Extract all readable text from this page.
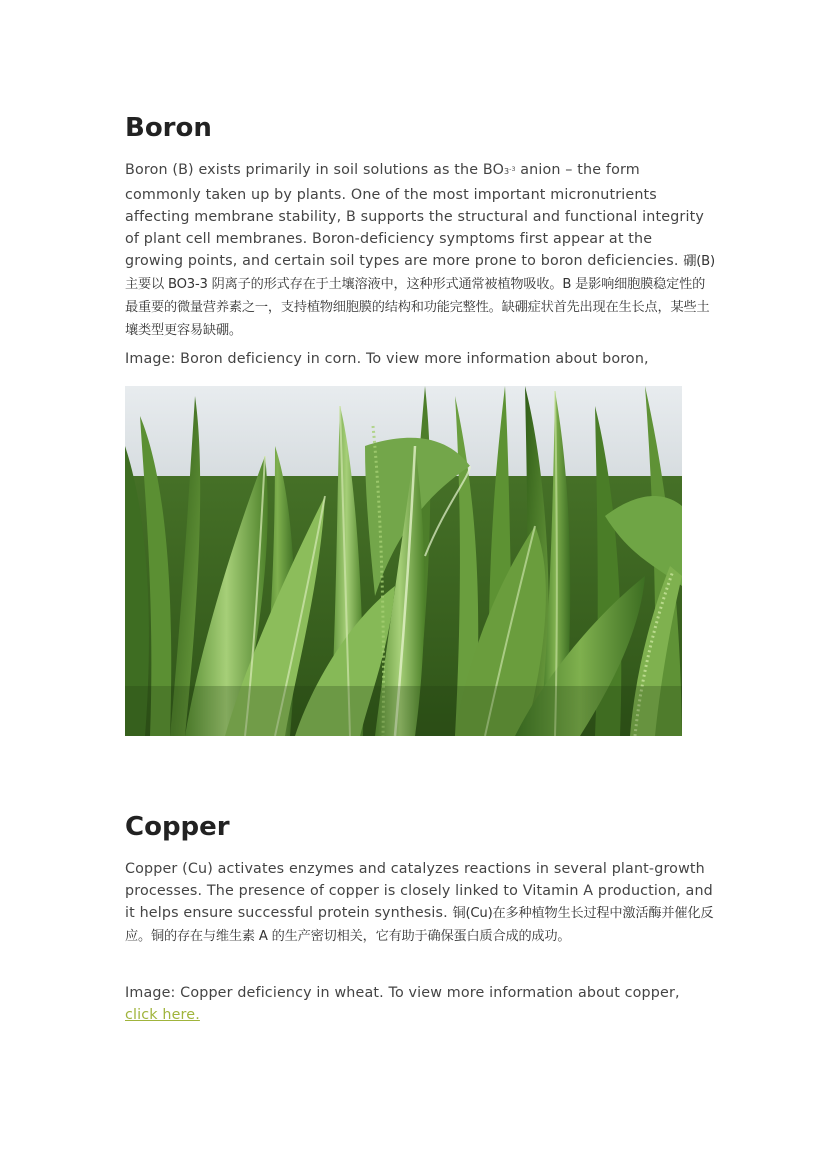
Boron

Boron (B) exists primarily in soil solutions as the $BO3^{-3}$ anion – the form commonly taken up by plants. One of the most important micronutrients affecting membrane stability, B supports the structural and functional integrity of plant cell membranes. Boron-deficiency symptoms first appear at the growing points, and certain soil types are more prone to boron deficiencies. 硼(B)主要以 BO3-3 阴离子的形式存在于土壤溶液中，这种形式通常被植物吸收。B 是影响细胞膜稳定性的最重要的微量营养素之一，支持植物细胞膜的结构和功能完整性。缺硼症状首先出现在生长点，某些土壤类型更容易缺硼。

Image: Boron deficiency in corn. To view more information about boron,

Copper

Copper (Cu) activates enzymes and catalyzes reactions in several plant-growth processes. The presence of copper is closely linked to Vitamin A production, and it helps ensure successful protein synthesis. 铜(Cu)在多种植物生长过程中激活酶并催化反应。铜的存在与维生素 A 的生产密切相关，它有助于确保蛋白质合成的成功。

Image: Copper deficiency in wheat. To view more information about copper,
click here.
